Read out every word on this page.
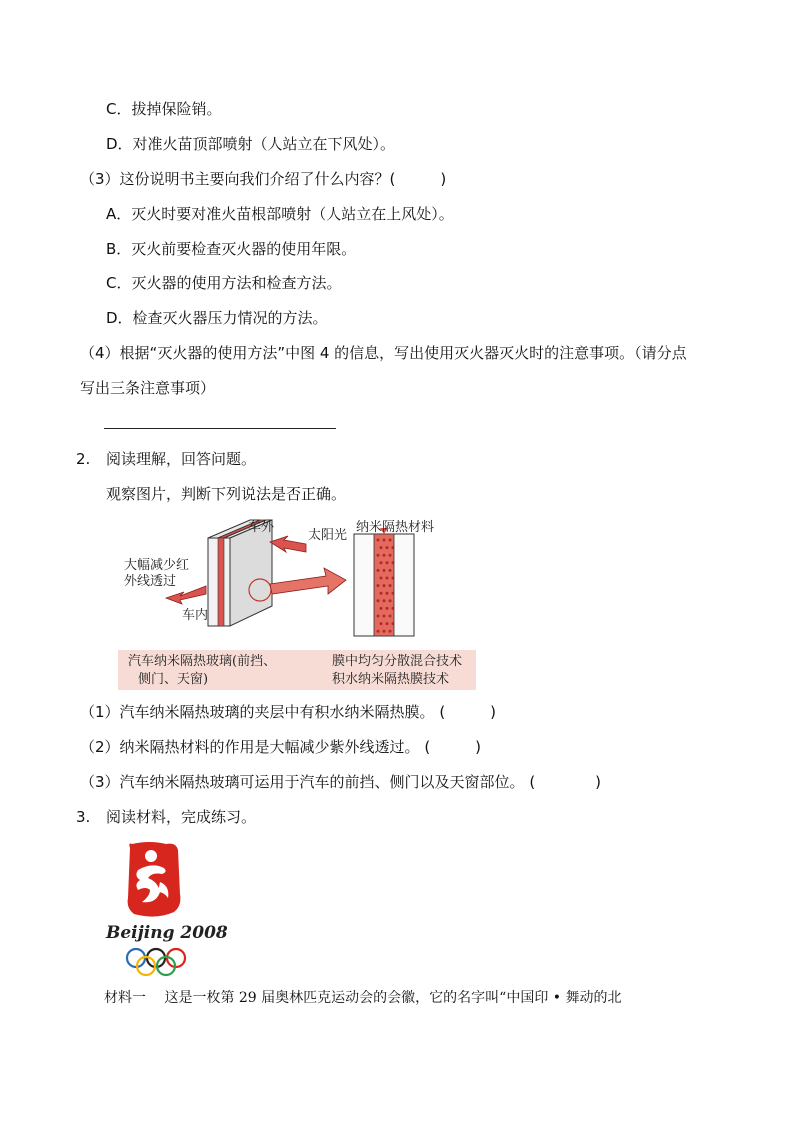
C．拔掉保险销。
D．对准火苗顶部喷射（人站立在下风处）。
（3）这份说明书主要向我们介绍了什么内容？(　　　)
A．灭火时要对准火苗根部喷射（人站立在上风处）。
B．灭火前要检查灭火器的使用年限。
C．灭火器的使用方法和检查方法。
D．检查灭火器压力情况的方法。
（4）根据“灭火器的使用方法”中图 4 的信息，写出使用灭火器灭火时的注意事项。（请分点
写出三条注意事项）
2. 阅读理解，回答问题。
观察图片，判断下列说法是否正确。
车外
太阳光
大幅减少红
外线透过
车内
纳米隔热材料
汽车纳米隔热玻璃(前挡、
侧门、天窗)
膜中均匀分散混合技术
积水纳米隔热膜技术
（1）汽车纳米隔热玻璃的夹层中有积水纳米隔热膜。 (　　　)
（2）纳米隔热材料的作用是大幅减少紫外线透过。 (　　　)
（3）汽车纳米隔热玻璃可运用于汽车的前挡、侧门以及天窗部位。 (　　　　)
3. 阅读材料，完成练习。
Beijing 2008
材料一　 这是一枚第 29 届奥林匹克运动会的会徽，它的名字叫“中国印 • 舞动的北
